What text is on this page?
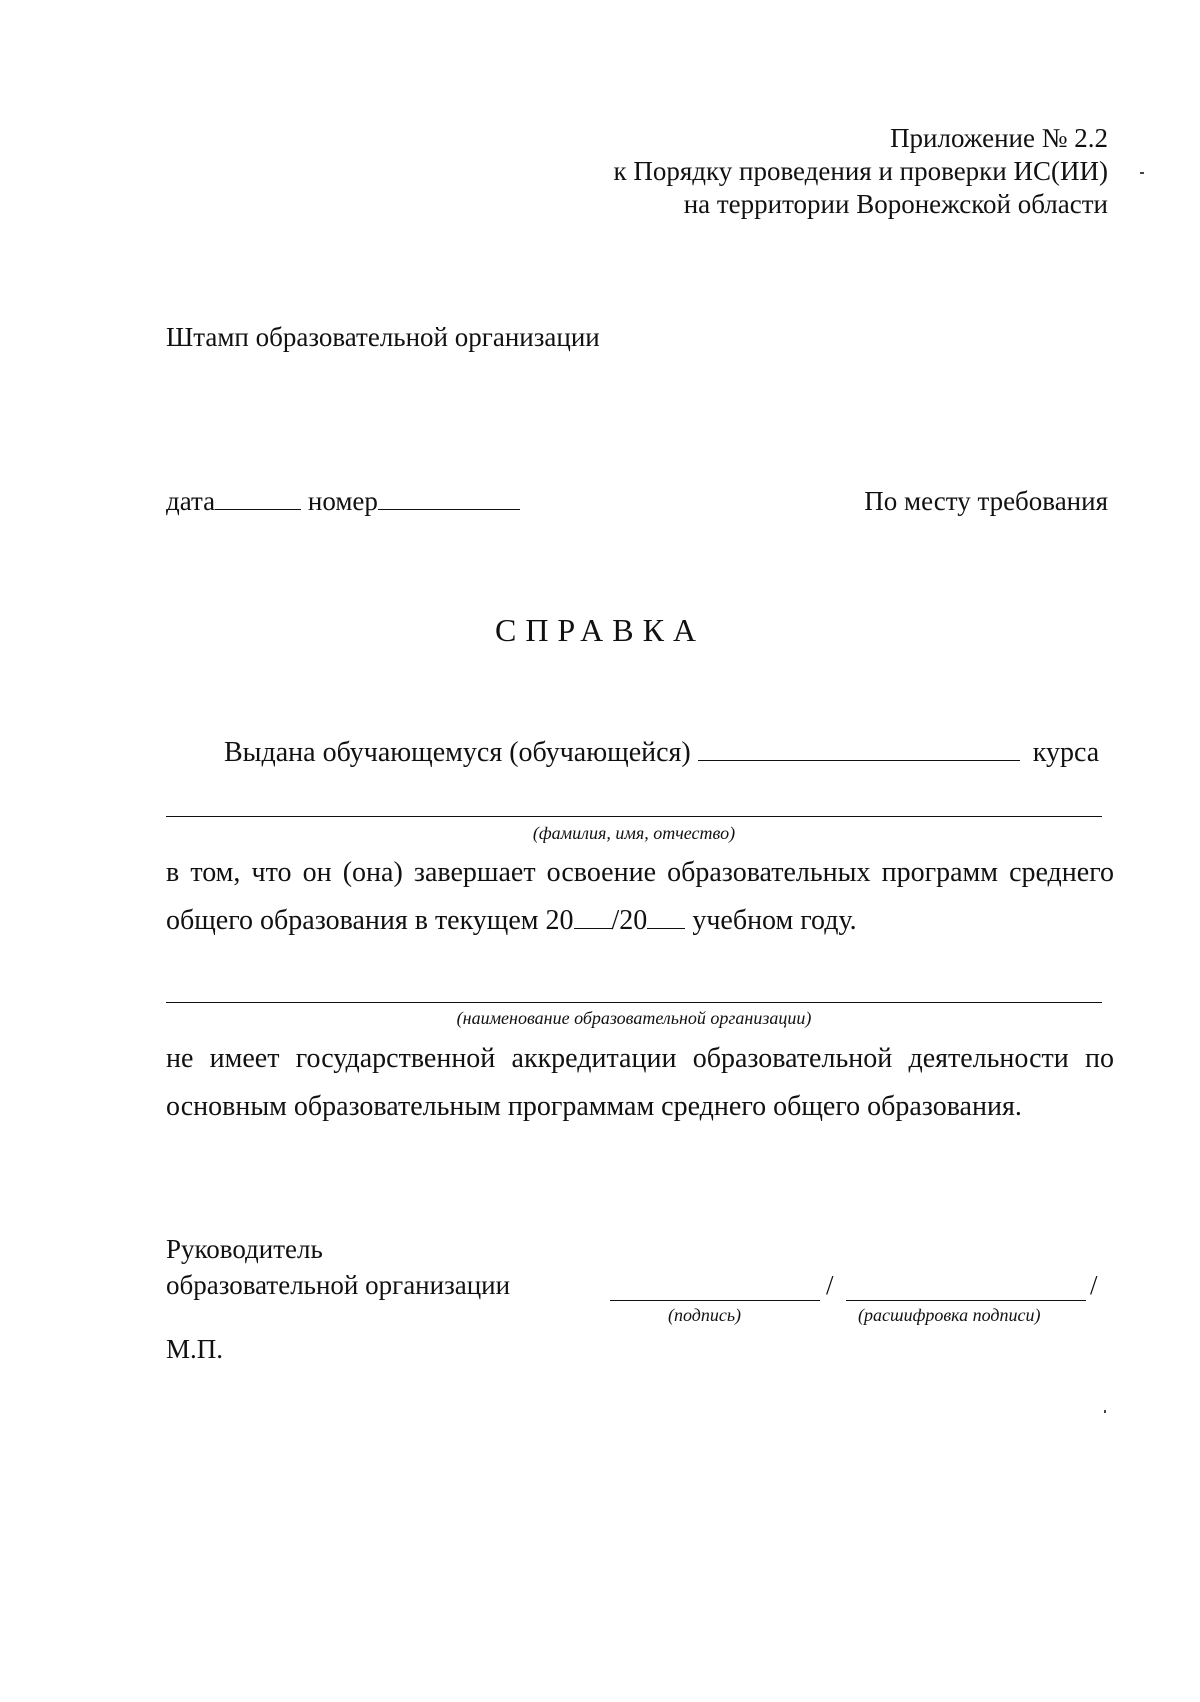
Приложение № 2.2
к Порядку проведения и проверки ИС(ИИ)
на территории Воронежской области
Штамп образовательной организации
дата	номер	По месту требования
СПРАВКА
Выдана обучающемуся (обучающейся)	курса
(фамилия, имя, отчество)
в том, что он (она) завершает освоение образовательных программ среднего
общего образования в текущем 20 /20 учебном году.
(наименование образовательной организации)
не имеет государственной аккредитации образовательной деятельности по
основным образовательным программам среднего общего образования.
Руководитель
образовательной организации	/	/
(подпись)	(расшифровка подписи)
М.П.
